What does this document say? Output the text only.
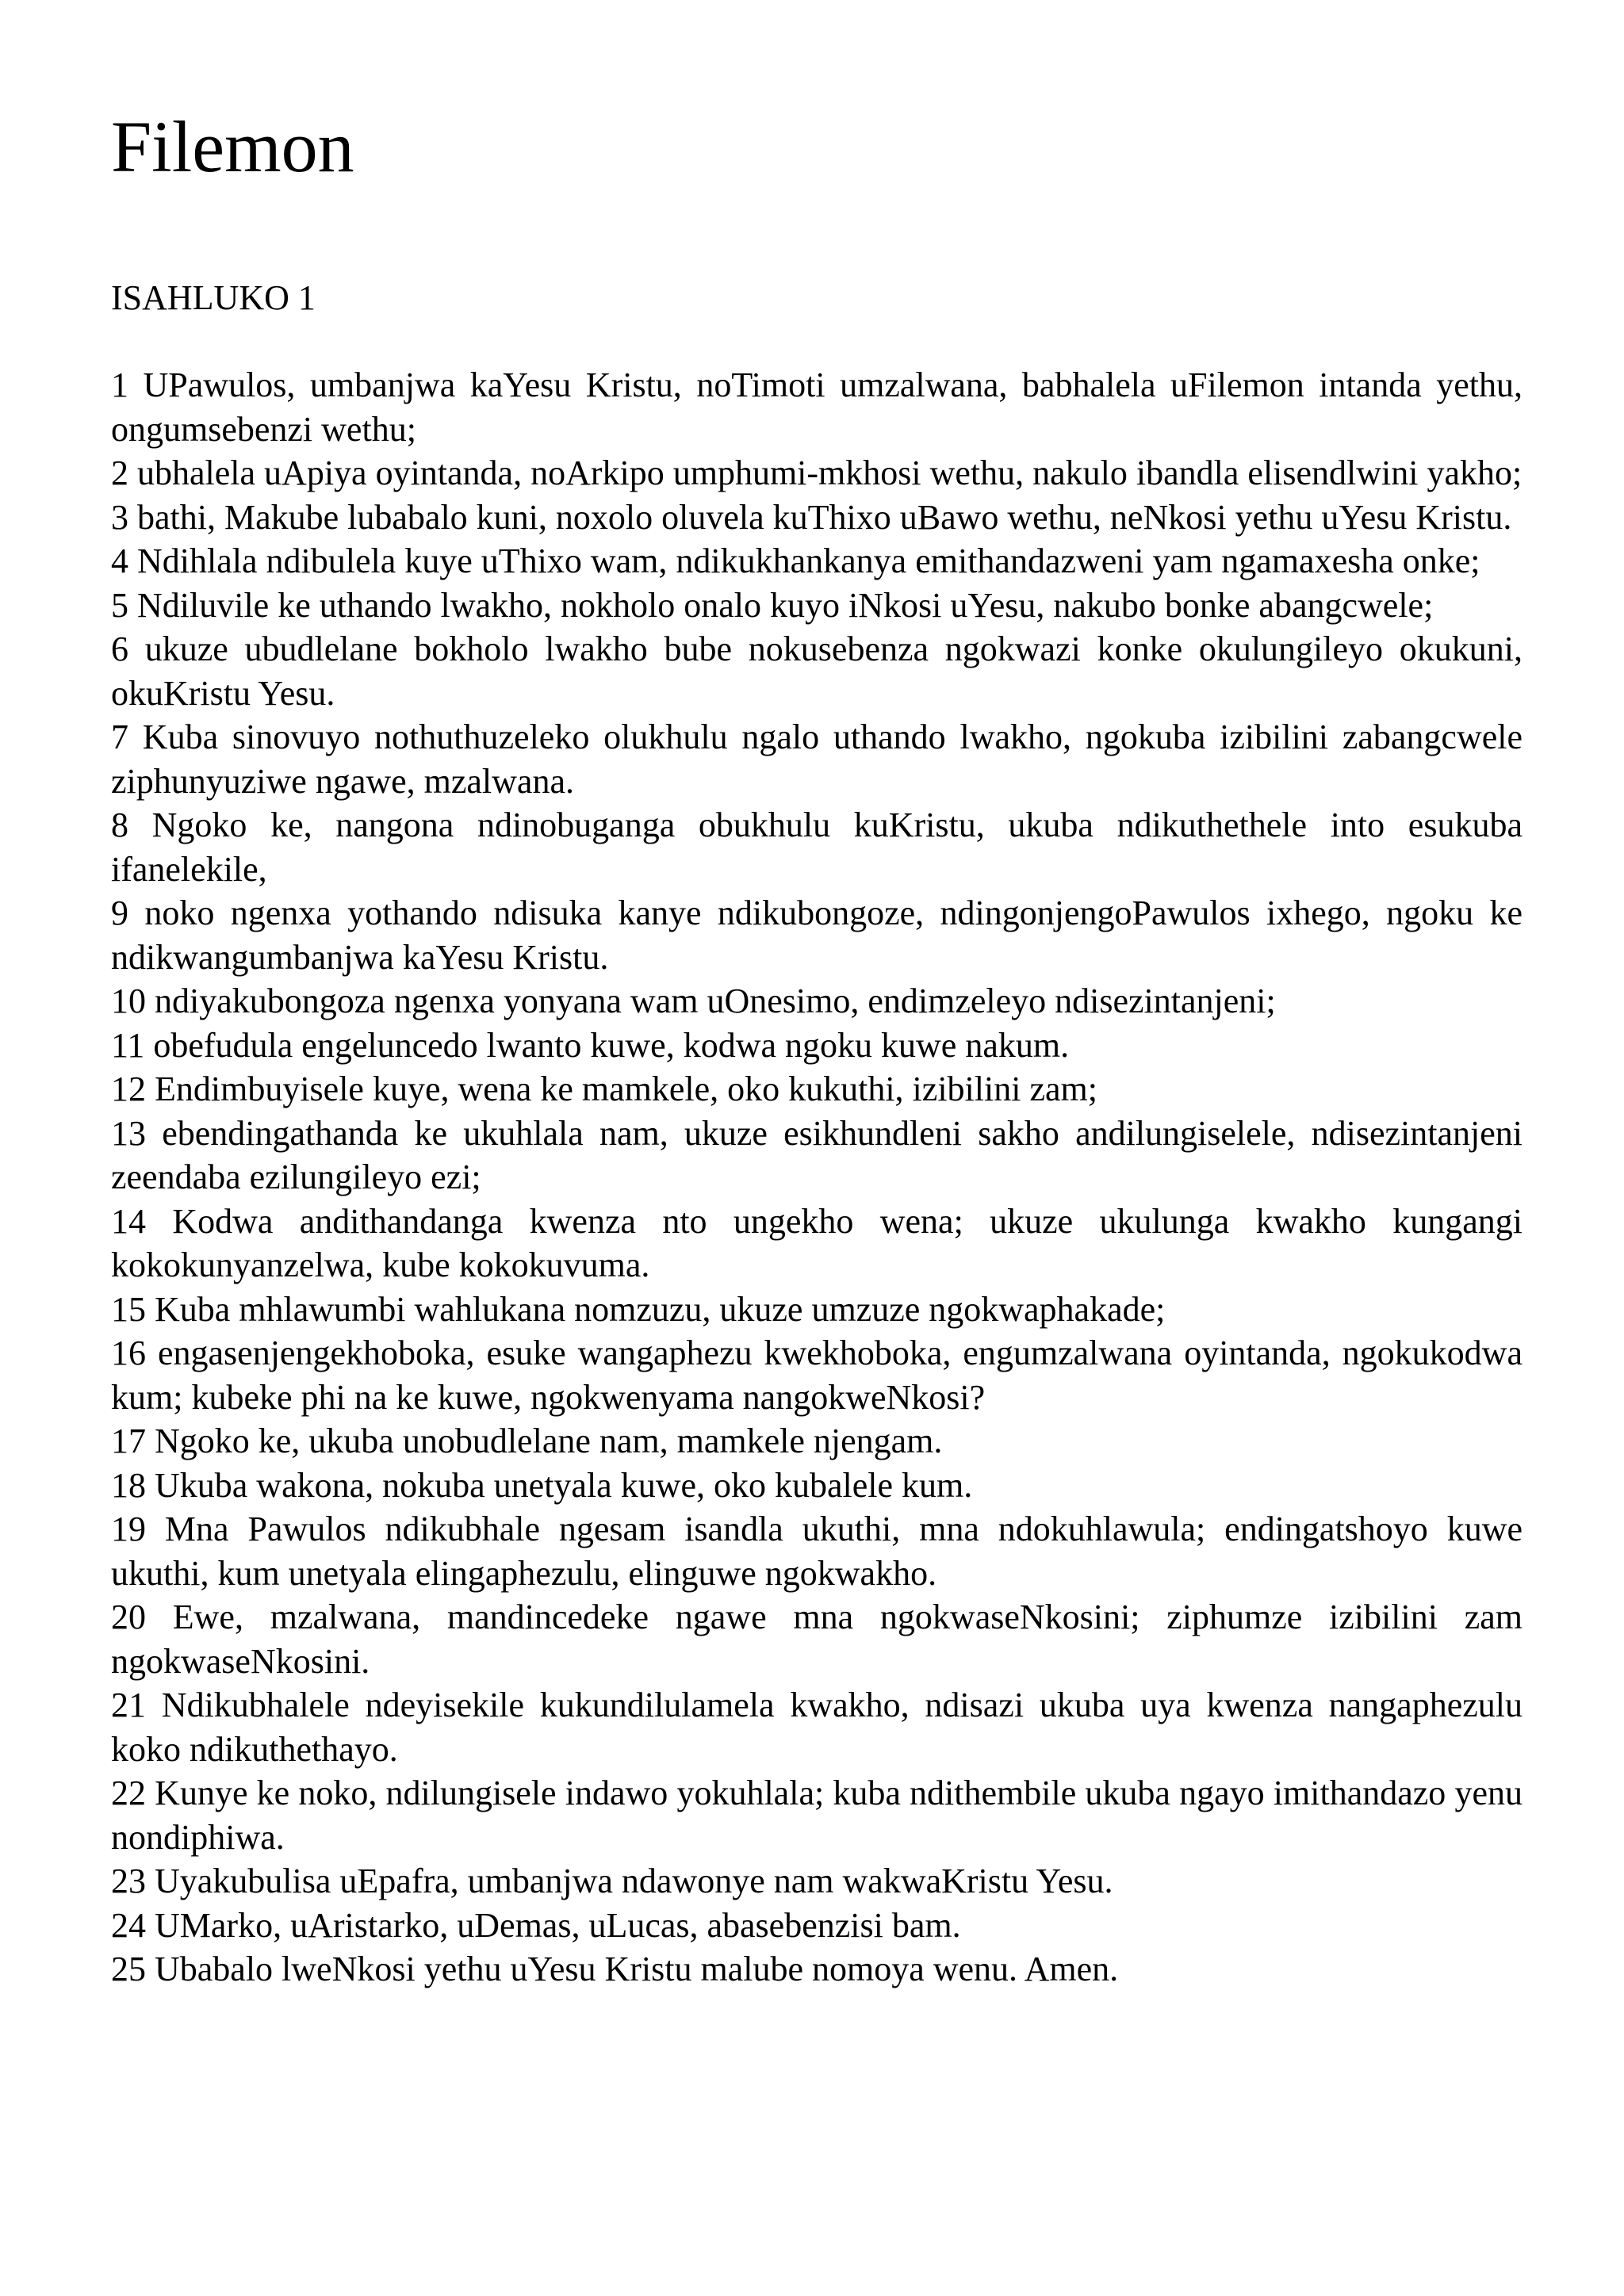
Filemon
ISAHLUKO 1

1 UPawulos, umbanjwa kaYesu Kristu, noTimoti umzalwana, babhalela uFilemon intanda yethu, ongumsebenzi wethu;

2 ubhalela uApiya oyintanda, noArkipo umphumi-mkhosi wethu, nakulo ibandla elisendlwini yakho;

3 bathi, Makube lubabalo kuni, noxolo oluvela kuThixo uBawo wethu, neNkosi yethu uYesu Kristu.

4 Ndihlala ndibulela kuye uThixo wam, ndikukhankanya emithandazweni yam ngamaxesha onke;

5 Ndiluvile ke uthando lwakho, nokholo onalo kuyo iNkosi uYesu, nakubo bonke abangcwele;

6 ukuze ubudlelane bokholo lwakho bube nokusebenza ngokwazi konke okulungileyo okukuni, okuKristu Yesu.

7 Kuba sinovuyo nothuthuzeleko olukhulu ngalo uthando lwakho, ngokuba izibilini zabangcwele ziphunyuziwe ngawe, mzalwana.

8 Ngoko ke, nangona ndinobuganga obukhulu kuKristu, ukuba ndikuthethele into esukuba ifanelekile,

9 noko ngenxa yothando ndisuka kanye ndikubongoze, ndingonjengoPawulos ixhego, ngoku ke ndikwangumbanjwa kaYesu Kristu.

10 ndiyakubongoza ngenxa yonyana wam uOnesimo, endimzeleyo ndisezintanjeni;

11 obefudula engeluncedo lwanto kuwe, kodwa ngoku kuwe nakum.

12 Endimbuyisele kuye, wena ke mamkele, oko kukuthi, izibilini zam;

13 ebendingathanda ke ukuhlala nam, ukuze esikhundleni sakho andilungiselele, ndisezintanjeni zeendaba ezilungileyo ezi;

14 Kodwa andithandanga kwenza nto ungekho wena; ukuze ukulunga kwakho kungangi kokokunyanzelwa, kube kokokuvuma.

15 Kuba mhlawumbi wahlukana nomzuzu, ukuze umzuze ngokwaphakade;

16 engasenjengekhoboka, esuke wangaphezu kwekhoboka, engumzalwana oyintanda, ngokukodwa kum; kubeke phi na ke kuwe, ngokwenyama nangokweNkosi?

17 Ngoko ke, ukuba unobudlelane nam, mamkele njengam.

18 Ukuba wakona, nokuba unetyala kuwe, oko kubalele kum.

19 Mna Pawulos ndikubhale ngesam isandla ukuthi, mna ndokuhlawula; endingatshoyo kuwe ukuthi, kum unetyala elingaphezulu, elinguwe ngokwakho.

20 Ewe, mzalwana, mandincedeke ngawe mna ngokwaseNkosini; ziphumze izibilini zam ngokwaseNkosini.

21 Ndikubhalele ndeyisekile kukundilulamela kwakho, ndisazi ukuba uya kwenza nangaphezulu koko ndikuthethayo.

22 Kunye ke noko, ndilungisele indawo yokuhlala; kuba ndithembile ukuba ngayo imithandazo yenu nondiphiwa.

23 Uyakubulisa uEpafra, umbanjwa ndawonye nam wakwaKristu Yesu.

24 UMarko, uAristarko, uDemas, uLucas, abasebenzisi bam.

25 Ubabalo lweNkosi yethu uYesu Kristu malube nomoya wenu. Amen.
